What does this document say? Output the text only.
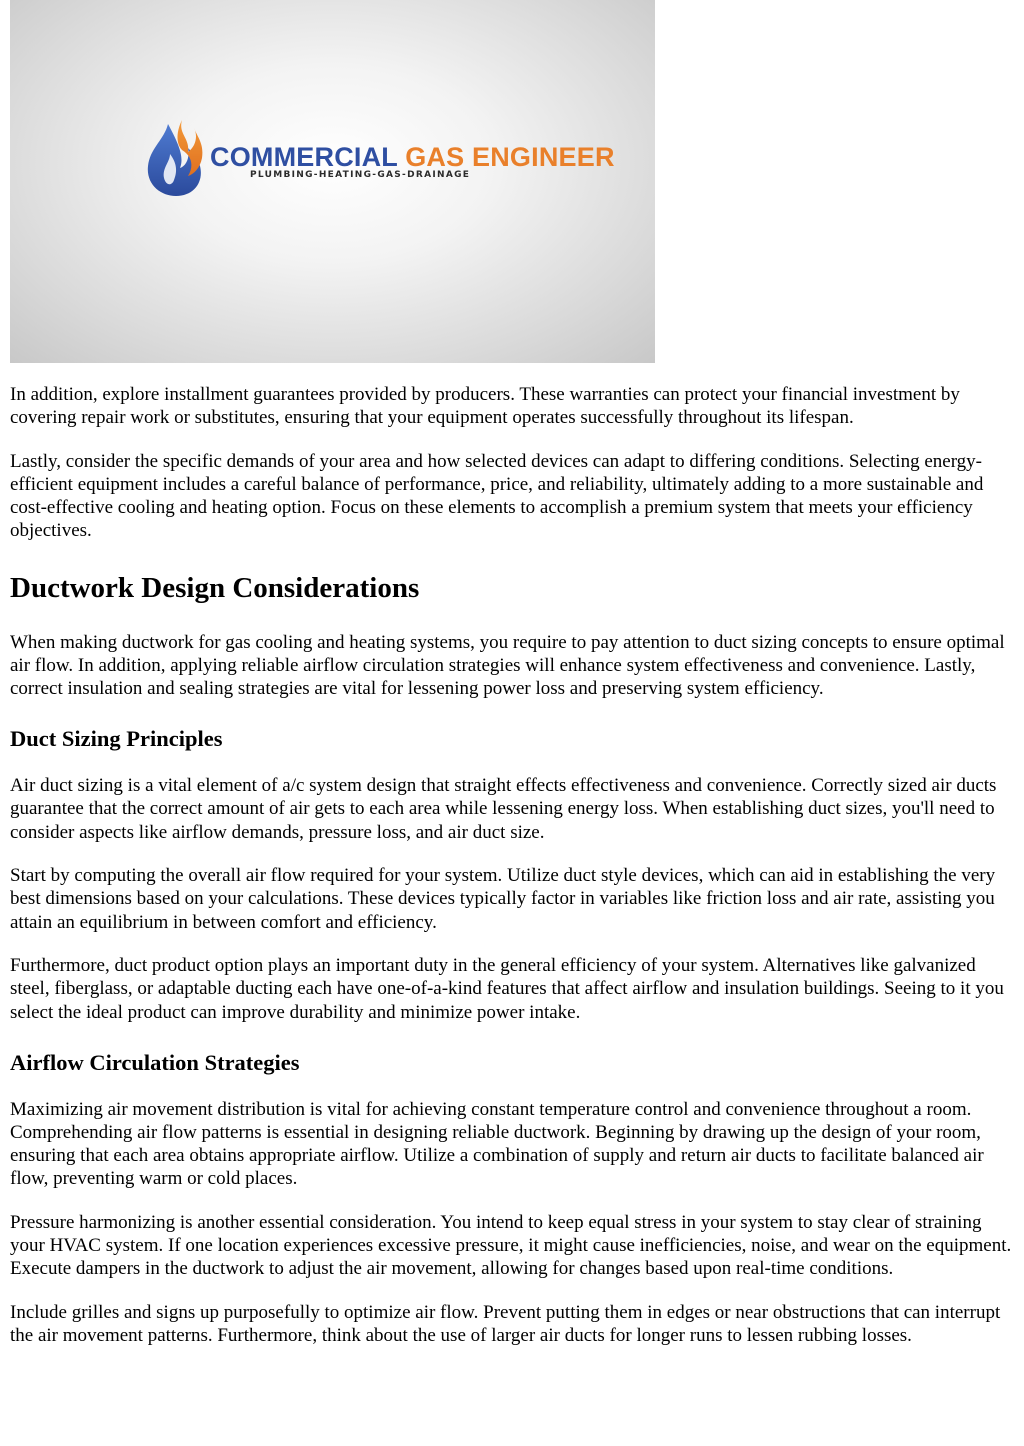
COMMERCIAL GAS ENGINEER
PLUMBING-HEATING-GAS-DRAINAGE

In addition, explore installment guarantees provided by producers. These warranties can protect your financial investment by covering repair work or substitutes, ensuring that your equipment operates successfully throughout its lifespan.

Lastly, consider the specific demands of your area and how selected devices can adapt to differing conditions. Selecting energy-efficient equipment includes a careful balance of performance, price, and reliability, ultimately adding to a more sustainable and cost-effective cooling and heating option. Focus on these elements to accomplish a premium system that meets your efficiency objectives.

Ductwork Design Considerations

When making ductwork for gas cooling and heating systems, you require to pay attention to duct sizing concepts to ensure optimal air flow. In addition, applying reliable airflow circulation strategies will enhance system effectiveness and convenience. Lastly, correct insulation and sealing strategies are vital for lessening power loss and preserving system efficiency.

Duct Sizing Principles

Air duct sizing is a vital element of a/c system design that straight effects effectiveness and convenience. Correctly sized air ducts guarantee that the correct amount of air gets to each area while lessening energy loss. When establishing duct sizes, you'll need to consider aspects like airflow demands, pressure loss, and air duct size.

Start by computing the overall air flow required for your system. Utilize duct style devices, which can aid in establishing the very best dimensions based on your calculations. These devices typically factor in variables like friction loss and air rate, assisting you attain an equilibrium in between comfort and efficiency.

Furthermore, duct product option plays an important duty in the general efficiency of your system. Alternatives like galvanized steel, fiberglass, or adaptable ducting each have one-of-a-kind features that affect airflow and insulation buildings. Seeing to it you select the ideal product can improve durability and minimize power intake.

Airflow Circulation Strategies

Maximizing air movement distribution is vital for achieving constant temperature control and convenience throughout a room. Comprehending air flow patterns is essential in designing reliable ductwork. Beginning by drawing up the design of your room, ensuring that each area obtains appropriate airflow. Utilize a combination of supply and return air ducts to facilitate balanced air flow, preventing warm or cold places.

Pressure harmonizing is another essential consideration. You intend to keep equal stress in your system to stay clear of straining your HVAC system. If one location experiences excessive pressure, it might cause inefficiencies, noise, and wear on the equipment. Execute dampers in the ductwork to adjust the air movement, allowing for changes based upon real-time conditions.

Include grilles and signs up purposefully to optimize air flow. Prevent putting them in edges or near obstructions that can interrupt the air movement patterns. Furthermore, think about the use of larger air ducts for longer runs to lessen rubbing losses.
